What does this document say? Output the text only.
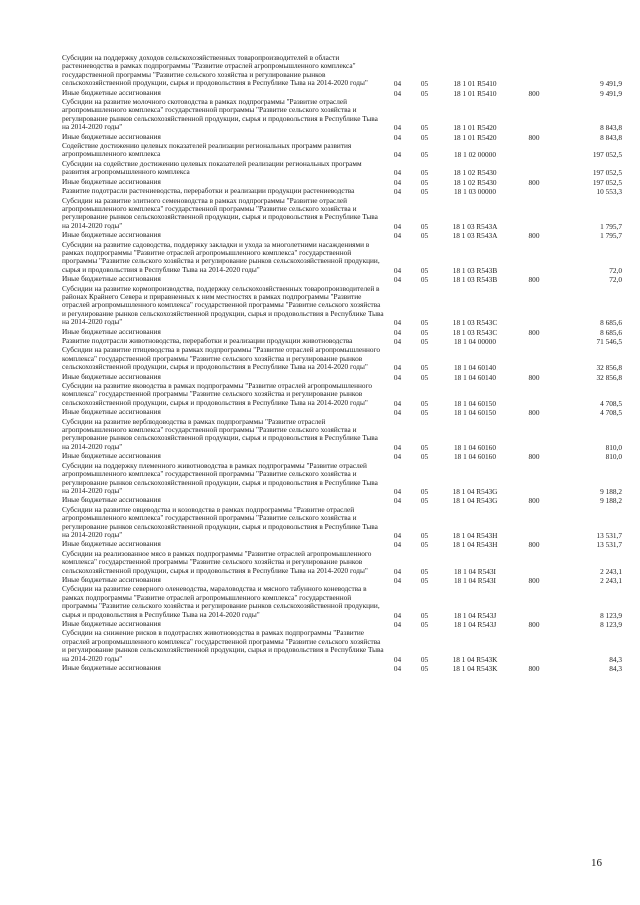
Субсидии на поддержку доходов сельскохозяйственных товаропроизводителей в области растениеводства в рамках подпрограммы "Развитие отраслей агропромышленного комплекса" государственной программы "Развитие сельского хозяйства и регулирование рынков сельскохозяйственной продукции, сырья и продовольствия в Республике Тыва на 2014-2020 годы"	04	05	18 1 01 R5410		9 491,9
Иные бюджетные ассигнования	04	05	18 1 01 R5410	800	9 491,9
Субсидии на развитие молочного скотоводства в рамках подпрограммы "Развитие отраслей агропромышленного комплекса" государственной программы "Развитие сельского хозяйства и регулирование рынков сельскохозяйственной продукции, сырья и продовольствия в Республике Тыва на 2014-2020 годы"	04	05	18 1 01 R5420		8 843,8
Иные бюджетные ассигнования	04	05	18 1 01 R5420	800	8 843,8
Содействие достижению целевых показателей реализации региональных программ развития агропромышленного комплекса	04	05	18 1 02 00000		197 052,5
Субсидии на содействие достижению целевых показателей реализации региональных программ развития агропромышленного комплекса	04	05	18 1 02 R5430		197 052,5
Иные бюджетные ассигнования	04	05	18 1 02 R5430	800	197 052,5
Развитие подотрасли растениеводства, переработки и реализации продукции растениеводства	04	05	18 1 03 00000		10 553,3
Субсидии на развитие элитного семеноводства в рамках подпрограммы "Развитие отраслей агропромышленного комплекса" государственной программы "Развитие сельского хозяйства и регулирование рынков сельскохозяйственной продукции, сырья и продовольствия в Республике Тыва на 2014-2020 годы"	04	05	18 1 03 R543А		1 795,7
Иные бюджетные ассигнования	04	05	18 1 03 R543А	800	1 795,7
Субсидии на развитие садоводства, поддержку закладки и ухода за многолетними насаждениями в рамках подпрограммы "Развитие отраслей агропромышленного комплекса" государственной программы "Развитие сельского хозяйства и регулирование рынков сельскохозяйственной продукции, сырья и продовольствия в Республике Тыва на 2014-2020 годы"	04	05	18 1 03 R543В		72,0
Иные бюджетные ассигнования	04	05	18 1 03 R543В	800	72,0
Субсидии на развитие кормопроизводства, поддержку сельскохозяйственных товаропроизводителей в районах Крайнего Севера и приравненных к ним местностях в рамках подпрограммы "Развитие отраслей агропромышленного комплекса" государственной программы "Развитие сельского хозяйства и регулирование рынков сельскохозяйственной продукции, сырья и продовольствия в Республике Тыва на 2014-2020 годы"	04	05	18 1 03 R543С		8 685,6
Иные бюджетные ассигнования	04	05	18 1 03 R543С	800	8 685,6
Развитие подотрасли животноводства, переработки и реализации продукции животноводства	04	05	18 1 04 00000		71 546,5
Субсидии на развитие птицеводства в рамках подпрограммы "Развитие отраслей агропромышленного комплекса" государственной программы "Развитие сельского хозяйства и регулирование рынков сельскохозяйственной продукции, сырья и продовольствия в Республике Тыва на 2014-2020 годы"	04	05	18 1 04 60140		32 856,8
Иные бюджетные ассигнования	04	05	18 1 04 60140	800	32 856,8
Субсидии на развитие яководства в рамках подпрограммы "Развитие отраслей агропромышленного комплекса" государственной программы "Развитие сельского хозяйства и регулирование рынков сельскохозяйственной продукции, сырья и продовольствия в Республике Тыва на 2014-2020 годы"	04	05	18 1 04 60150		4 708,5
Иные бюджетные ассигнования	04	05	18 1 04 60150	800	4 708,5
Субсидии на развитие верблюдоводства в рамках подпрограммы "Развитие отраслей агропромышленного комплекса" государственной программы "Развитие сельского хозяйства и регулирование рынков сельскохозяйственной продукции, сырья и продовольствия в Республике Тыва на 2014-2020 годы"	04	05	18 1 04 60160		810,0
Иные бюджетные ассигнования	04	05	18 1 04 60160	800	810,0
Субсидии на поддержку племенного животноводства в рамках подпрограммы "Развитие отраслей агропромышленного комплекса" государственной программы "Развитие сельского хозяйства и регулирование рынков сельскохозяйственной продукции, сырья и продовольствия в Республике Тыва на 2014-2020 годы"	04	05	18 1 04 R543G		9 188,2
Иные бюджетные ассигнования	04	05	18 1 04 R543G	800	9 188,2
Субсидии на развитие овцеводства и козоводства в рамках подпрограммы "Развитие отраслей агропромышленного комплекса" государственной программы "Развитие сельского хозяйства и регулирование рынков сельскохозяйственной продукции, сырья и продовольствия в Республике Тыва на 2014-2020 годы"	04	05	18 1 04 R543H		13 531,7
Иные бюджетные ассигнования	04	05	18 1 04 R543H	800	13 531,7
Субсидии на реализованное мясо в рамках подпрограммы "Развитие отраслей агропромышленного комплекса" государственной программы "Развитие сельского хозяйства и регулирование рынков сельскохозяйственной продукции, сырья и продовольствия в Республике Тыва на 2014-2020 годы"	04	05	18 1 04 R543I		2 243,1
Иные бюджетные ассигнования	04	05	18 1 04 R543I	800	2 243,1
Субсидии на развитие северного оленеводства, мараловодства и мясного табунного коневодства в рамках подпрограммы "Развитие отраслей агропромышленного комплекса" государственной программы "Развитие сельского хозяйства и регулирование рынков сельскохозяйственной продукции, сырья и продовольствия в Республике Тыва на 2014-2020 годы"	04	05	18 1 04 R543J		8 123,9
Иные бюджетные ассигнования	04	05	18 1 04 R543J	800	8 123,9
Субсидии на снижение рисков в подотраслях животноводства в рамках подпрограммы "Развитие отраслей агропромышленного комплекса" государственной программы "Развитие сельского хозяйства и регулирование рынков сельскохозяйственной продукции, сырья и продовольствия в Республике Тыва на 2014-2020 годы"	04	05	18 1 04 R543K		84,3
Иные бюджетные ассигнования	04	05	18 1 04 R543K	800	84,3
16
